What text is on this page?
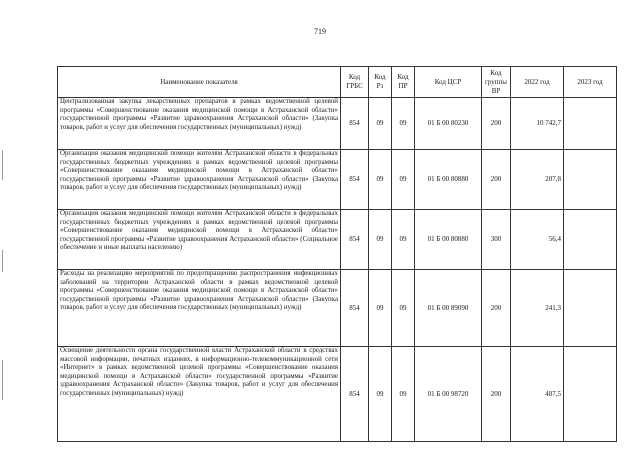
719
Наименование показателя	Код ГРБС	Код Рз	Код ПР	Код ЦСР	Код группы ВР	2022 год	2023 год
Централизованная закупка лекарственных препаратов в рамках ведомственной целевой программы «Совершенствование оказания медицинской помощи в Астраханской области» государственной программы «Развитие здравоохранения Астраханской области» (Закупка товаров, работ и услуг для обеспечения государственных (муниципальных) нужд)	854	09	09	01 Б 00 80230	200	10 742,7	
Организация оказания медицинской помощи жителям Астраханской области в федеральных государственных бюджетных учреждениях в рамках ведомственной целевой программы «Совершенствование оказания медицинской помощи в Астраханской области» государственной программы «Развитие здравоохранения Астраханской области» (Закупка товаров, работ и услуг для обеспечения государственных (муниципальных) нужд)	854	09	09	01 Б 00 80880	200	207,8	
Организация оказания медицинской помощи жителям Астраханской области в федеральных государственных бюджетных учреждениях в рамках ведомственной целевой программы «Совершенствование оказания медицинской помощи в Астраханской области» государственной программы «Развитие здравоохранения Астраханской области» (Социальное обеспечение и иные выплаты населению)	854	09	09	01 Б 00 80880	300	56,4	
Расходы на реализацию мероприятий по предотвращению распространения инфекционных заболеваний на территории Астраханской области в рамках ведомственной целевой программы «Совершенствование оказания медицинской помощи в Астраханской области» государственной программы «Развитие здравоохранения Астраханской области» (Закупка товаров, работ и услуг для обеспечения государственных (муниципальных) нужд)	854	09	09	01 Б 00 89090	200	241,3	
Освещение деятельности органа государственной власти Астраханской области в средствах массовой информации, печатных изданиях, в информационно-телекоммуникационной сети «Интернет» в рамках ведомственной целевой программы «Совершенствование оказания медицинской помощи в Астраханской области» государственной программы «Развитие здравоохранения Астраханской области» (Закупка товаров, работ и услуг для обеспечения государственных (муниципальных) нужд)	854	09	09	01 Б 00 98720	200	487,5	
